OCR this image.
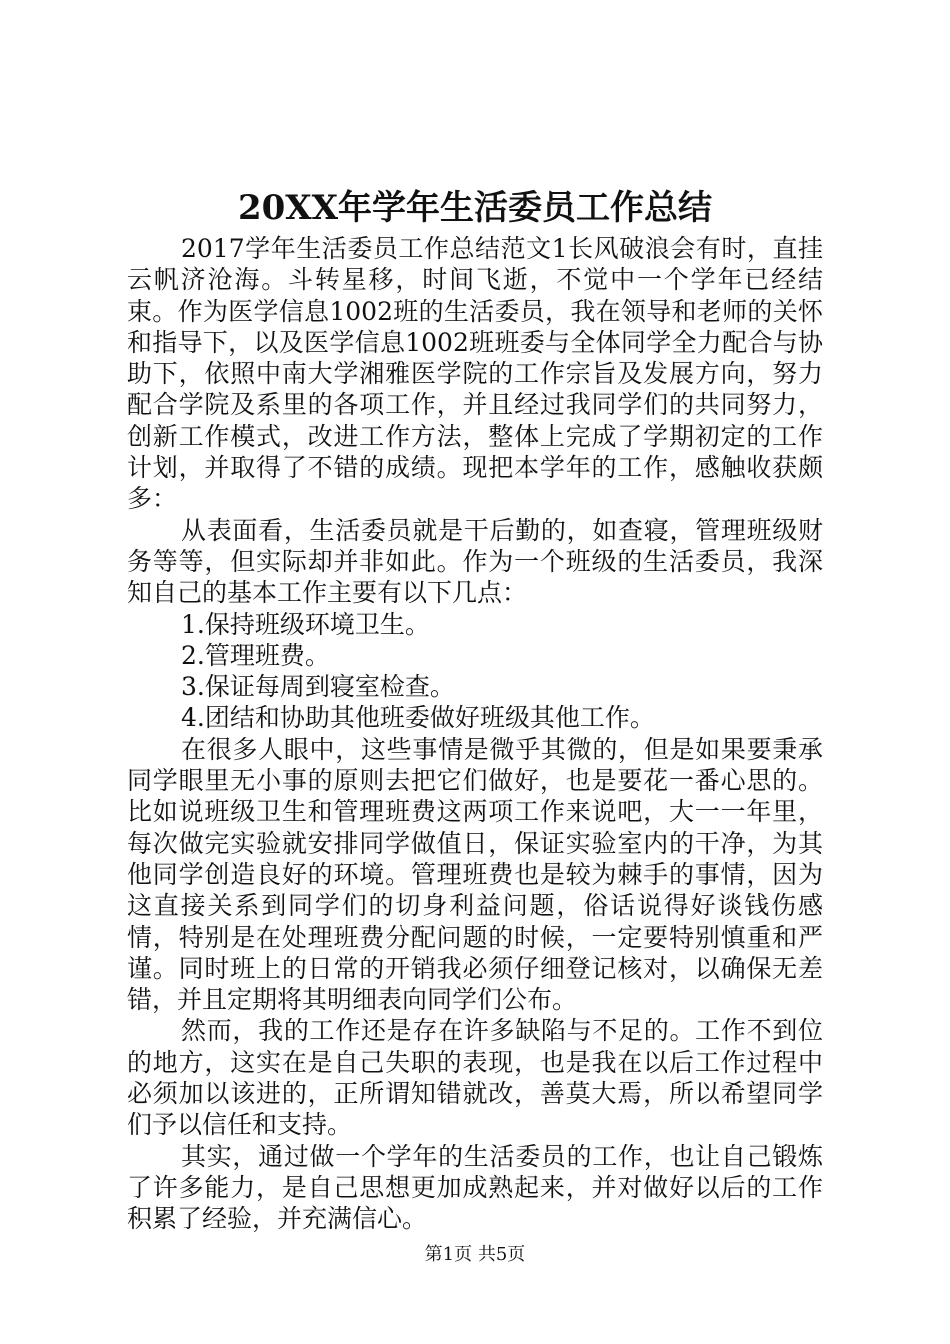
20XX年学年生活委员工作总结

2017学年生活委员工作总结范文1长风破浪会有时，直挂云帆济沧海。斗转星移，时间飞逝，不觉中一个学年已经结束。作为医学信息1002班的生活委员，我在领导和老师的关怀和指导下，以及医学信息1002班班委与全体同学全力配合与协助下，依照中南大学湘雅医学院的工作宗旨及发展方向，努力配合学院及系里的各项工作，并且经过我同学们的共同努力，创新工作模式，改进工作方法，整体上完成了学期初定的工作计划，并取得了不错的成绩。现把本学年的工作，感触收获颇多：

从表面看，生活委员就是干后勤的，如查寝，管理班级财务等等，但实际却并非如此。作为一个班级的生活委员，我深知自己的基本工作主要有以下几点：

1.保持班级环境卫生。

2.管理班费。

3.保证每周到寝室检查。

4.团结和协助其他班委做好班级其他工作。

在很多人眼中，这些事情是微乎其微的，但是如果要秉承同学眼里无小事的原则去把它们做好，也是要花一番心思的。比如说班级卫生和管理班费这两项工作来说吧，大一一年里，每次做完实验就安排同学做值日，保证实验室内的干净，为其他同学创造良好的环境。管理班费也是较为棘手的事情，因为这直接关系到同学们的切身利益问题，俗话说得好谈钱伤感情，特别是在处理班费分配问题的时候，一定要特别慎重和严谨。同时班上的日常的开销我必须仔细登记核对，以确保无差错，并且定期将其明细表向同学们公布。

然而，我的工作还是存在许多缺陷与不足的。工作不到位的地方，这实在是自己失职的表现，也是我在以后工作过程中必须加以该进的，正所谓知错就改，善莫大焉，所以希望同学们予以信任和支持。

其实，通过做一个学年的生活委员的工作，也让自己锻炼了许多能力，是自己思想更加成熟起来，并对做好以后的工作积累了经验，并充满信心。

第1页 共5页
